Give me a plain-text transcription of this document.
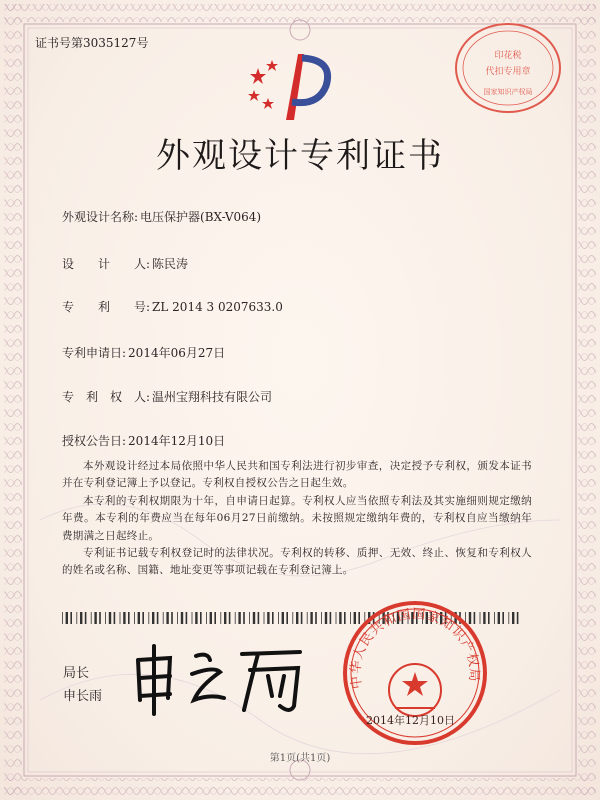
证书号第3035127号
印花税
代扣专用章
国家知识产权局
外观设计专利证书
外观设计名称: 电压保护器(BX-V064)
设　　计　　人: 陈民涛
专　　利　　号: ZL 2014 3 0207633.0
专利申请日: 2014年06月27日
专　利　权　人: 温州宝翔科技有限公司
授权公告日: 2014年12月10日

本外观设计经过本局依照中华人民共和国专利法进行初步审查，决定授予专利权，颁发本证书并在专利登记簿上予以登记。专利权自授权公告之日起生效。

本专利的专利权期限为十年，自申请日起算。专利权人应当依照专利法及其实施细则规定缴纳年费。本专利的年费应当在每年06月27日前缴纳。未按照规定缴纳年费的，专利权自应当缴纳年费期满之日起终止。

专利证书记载专利权登记时的法律状况。专利权的转移、质押、无效、终止、恢复和专利权人的姓名或名称、国籍、地址变更等事项记载在专利登记簿上。

局长
申长雨
中华人民共和国国家知识产权局
2014年12月10日
第1页(共1页)
